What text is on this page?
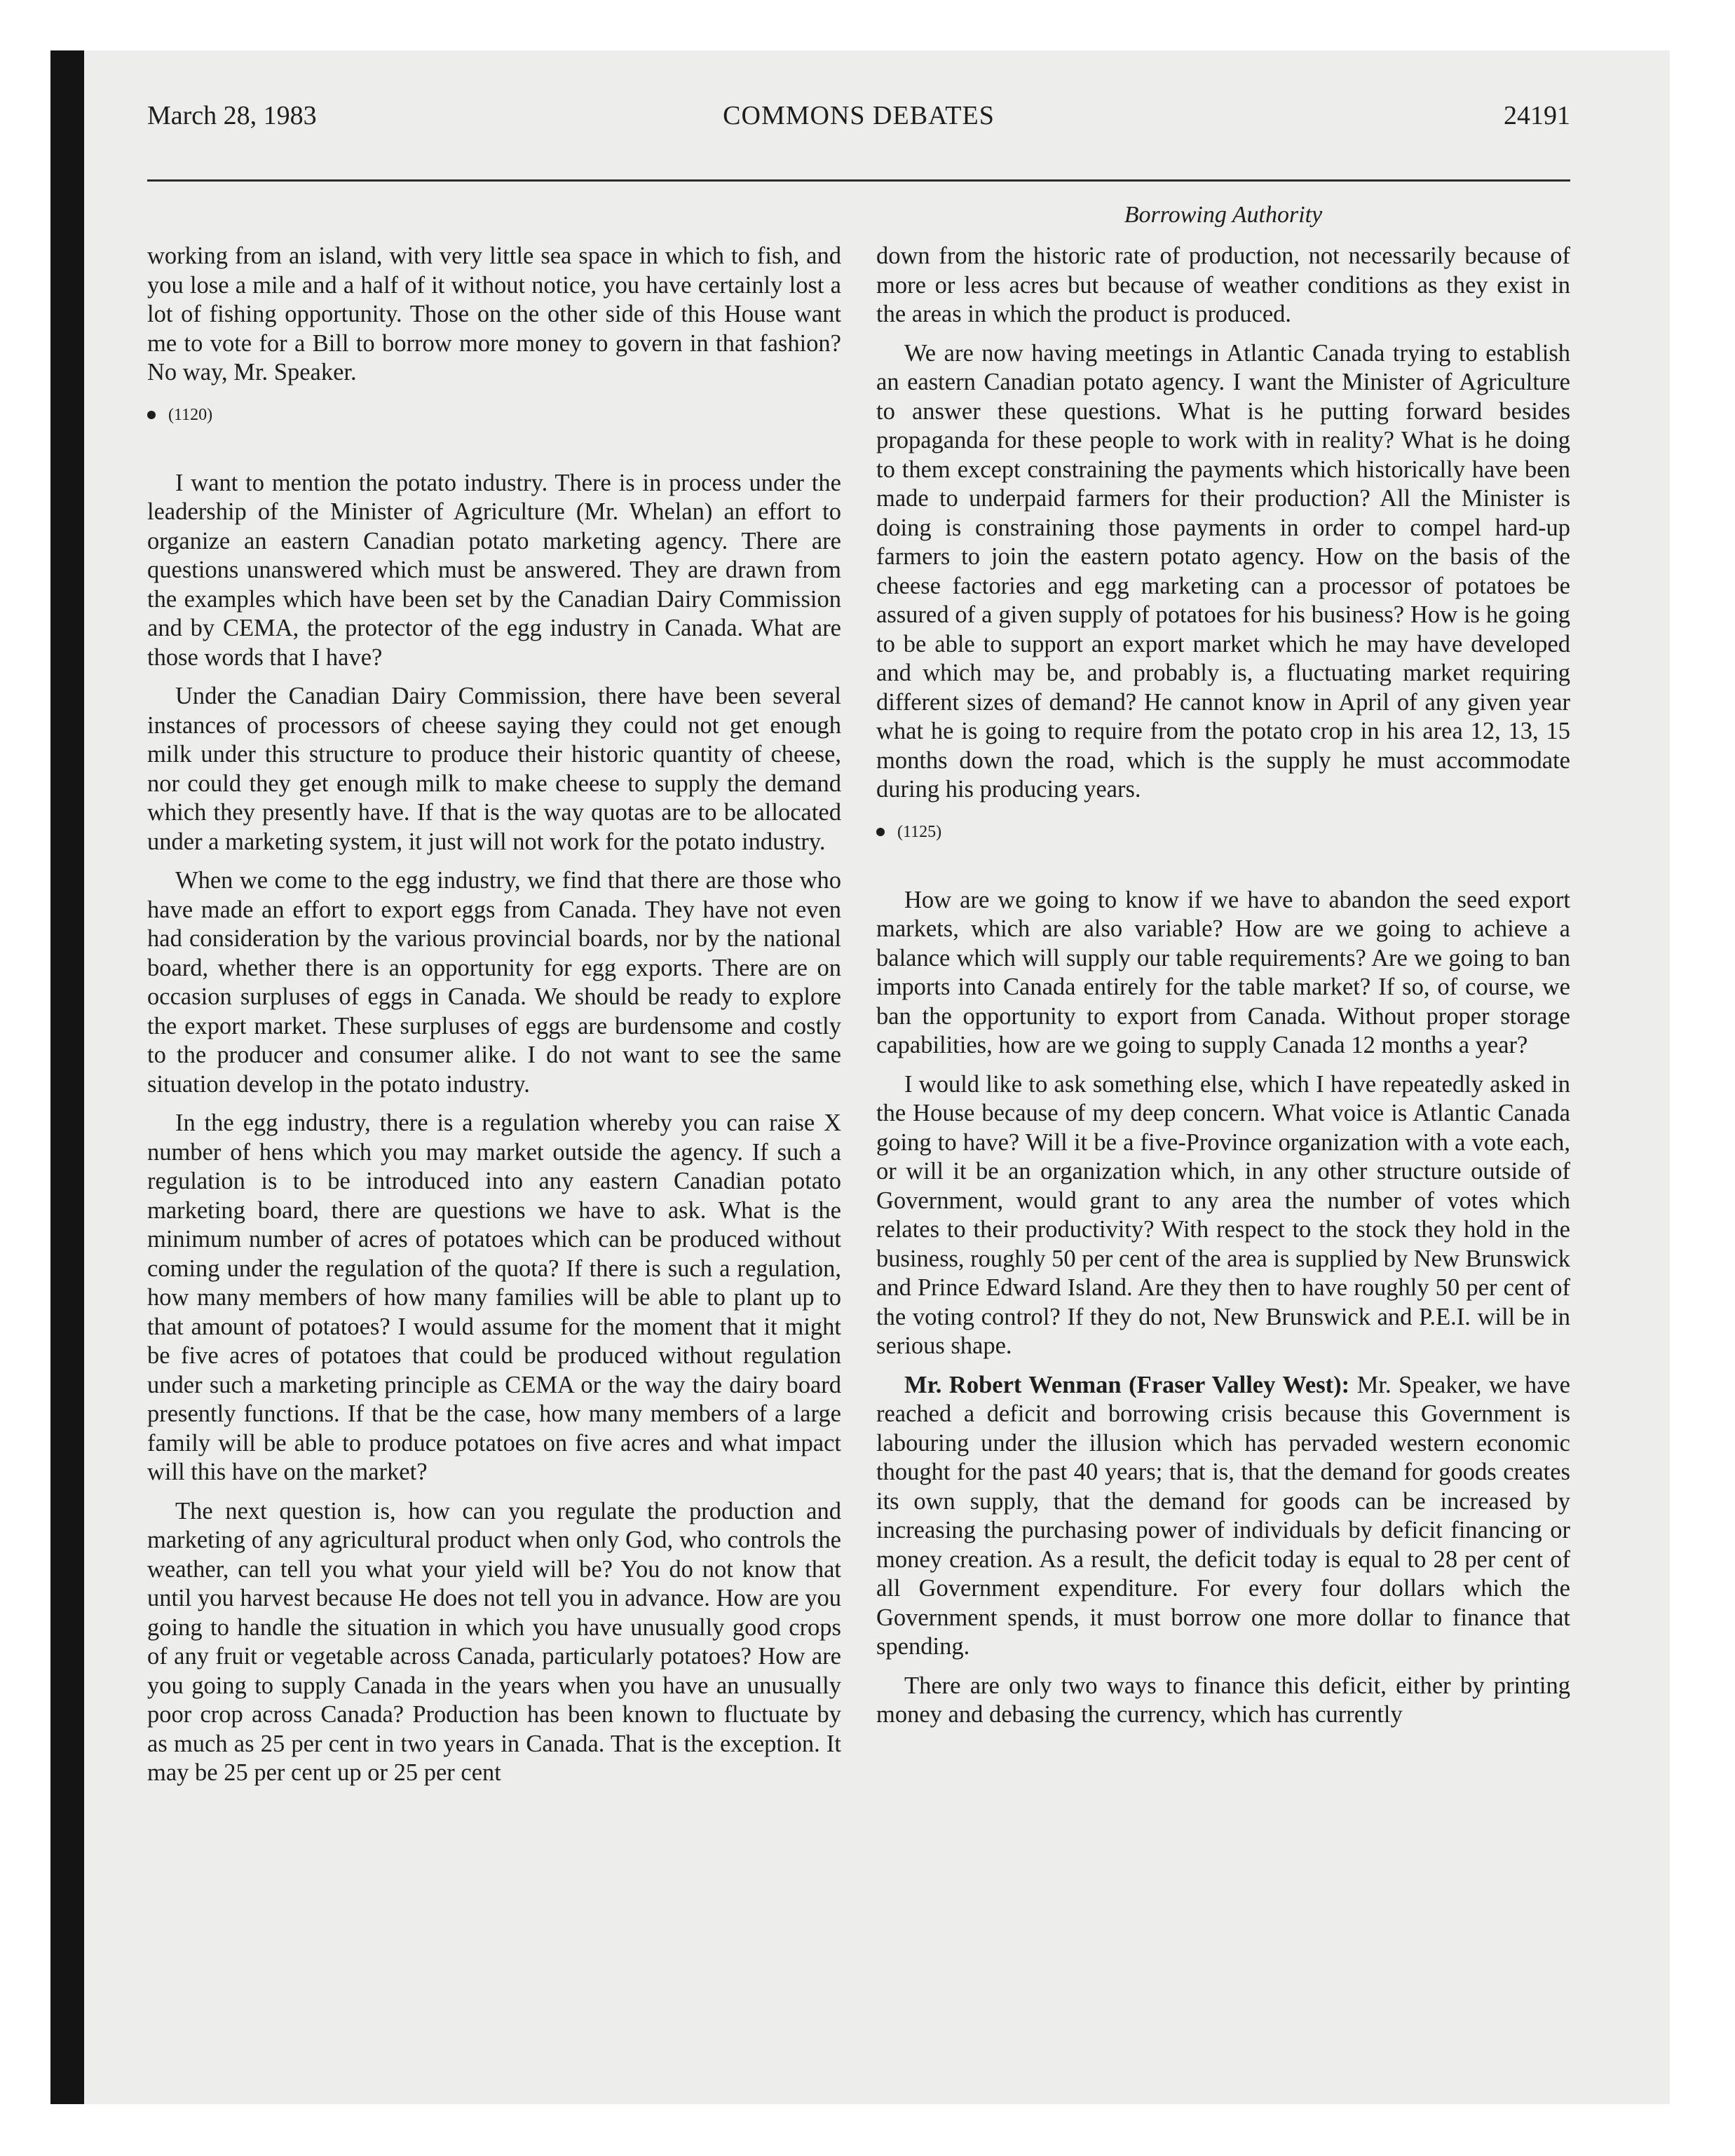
March 28, 1983	COMMONS DEBATES	24191
Borrowing Authority

working from an island, with very little sea space in which to fish, and you lose a mile and a half of it without notice, you have certainly lost a lot of fishing opportunity. Those on the other side of this House want me to vote for a Bill to borrow more money to govern in that fashion? No way, Mr. Speaker.

(1120)

I want to mention the potato industry. There is in process under the leadership of the Minister of Agriculture (Mr. Whelan) an effort to organize an eastern Canadian potato marketing agency. There are questions unanswered which must be answered. They are drawn from the examples which have been set by the Canadian Dairy Commission and by CEMA, the protector of the egg industry in Canada. What are those words that I have?

Under the Canadian Dairy Commission, there have been several instances of processors of cheese saying they could not get enough milk under this structure to produce their historic quantity of cheese, nor could they get enough milk to make cheese to supply the demand which they presently have. If that is the way quotas are to be allocated under a marketing system, it just will not work for the potato industry.

When we come to the egg industry, we find that there are those who have made an effort to export eggs from Canada. They have not even had consideration by the various provincial boards, nor by the national board, whether there is an opportunity for egg exports. There are on occasion surpluses of eggs in Canada. We should be ready to explore the export market. These surpluses of eggs are burdensome and costly to the producer and consumer alike. I do not want to see the same situation develop in the potato industry.

In the egg industry, there is a regulation whereby you can raise X number of hens which you may market outside the agency. If such a regulation is to be introduced into any eastern Canadian potato marketing board, there are questions we have to ask. What is the minimum number of acres of potatoes which can be produced without coming under the regulation of the quota? If there is such a regulation, how many members of how many families will be able to plant up to that amount of potatoes? I would assume for the moment that it might be five acres of potatoes that could be produced without regulation under such a marketing principle as CEMA or the way the dairy board presently functions. If that be the case, how many members of a large family will be able to produce potatoes on five acres and what impact will this have on the market?

The next question is, how can you regulate the production and marketing of any agricultural product when only God, who controls the weather, can tell you what your yield will be? You do not know that until you harvest because He does not tell you in advance. How are you going to handle the situation in which you have unusually good crops of any fruit or vegetable across Canada, particularly potatoes? How are you going to supply Canada in the years when you have an unusually poor crop across Canada? Production has been known to fluctuate by as much as 25 per cent in two years in Canada. That is the exception. It may be 25 per cent up or 25 per cent

down from the historic rate of production, not necessarily because of more or less acres but because of weather conditions as they exist in the areas in which the product is produced.

We are now having meetings in Atlantic Canada trying to establish an eastern Canadian potato agency. I want the Minister of Agriculture to answer these questions. What is he putting forward besides propaganda for these people to work with in reality? What is he doing to them except constraining the payments which historically have been made to underpaid farmers for their production? All the Minister is doing is constraining those payments in order to compel hard-up farmers to join the eastern potato agency. How on the basis of the cheese factories and egg marketing can a processor of potatoes be assured of a given supply of potatoes for his business? How is he going to be able to support an export market which he may have developed and which may be, and probably is, a fluctuating market requiring different sizes of demand? He cannot know in April of any given year what he is going to require from the potato crop in his area 12, 13, 15 months down the road, which is the supply he must accommodate during his producing years.

(1125)

How are we going to know if we have to abandon the seed export markets, which are also variable? How are we going to achieve a balance which will supply our table requirements? Are we going to ban imports into Canada entirely for the table market? If so, of course, we ban the opportunity to export from Canada. Without proper storage capabilities, how are we going to supply Canada 12 months a year?

I would like to ask something else, which I have repeatedly asked in the House because of my deep concern. What voice is Atlantic Canada going to have? Will it be a five-Province organization with a vote each, or will it be an organization which, in any other structure outside of Government, would grant to any area the number of votes which relates to their productivity? With respect to the stock they hold in the business, roughly 50 per cent of the area is supplied by New Brunswick and Prince Edward Island. Are they then to have roughly 50 per cent of the voting control? If they do not, New Brunswick and P.E.I. will be in serious shape.

Mr. Robert Wenman (Fraser Valley West): Mr. Speaker, we have reached a deficit and borrowing crisis because this Government is labouring under the illusion which has pervaded western economic thought for the past 40 years; that is, that the demand for goods creates its own supply, that the demand for goods can be increased by increasing the purchasing power of individuals by deficit financing or money creation. As a result, the deficit today is equal to 28 per cent of all Government expenditure. For every four dollars which the Government spends, it must borrow one more dollar to finance that spending.

There are only two ways to finance this deficit, either by printing money and debasing the currency, which has currently
